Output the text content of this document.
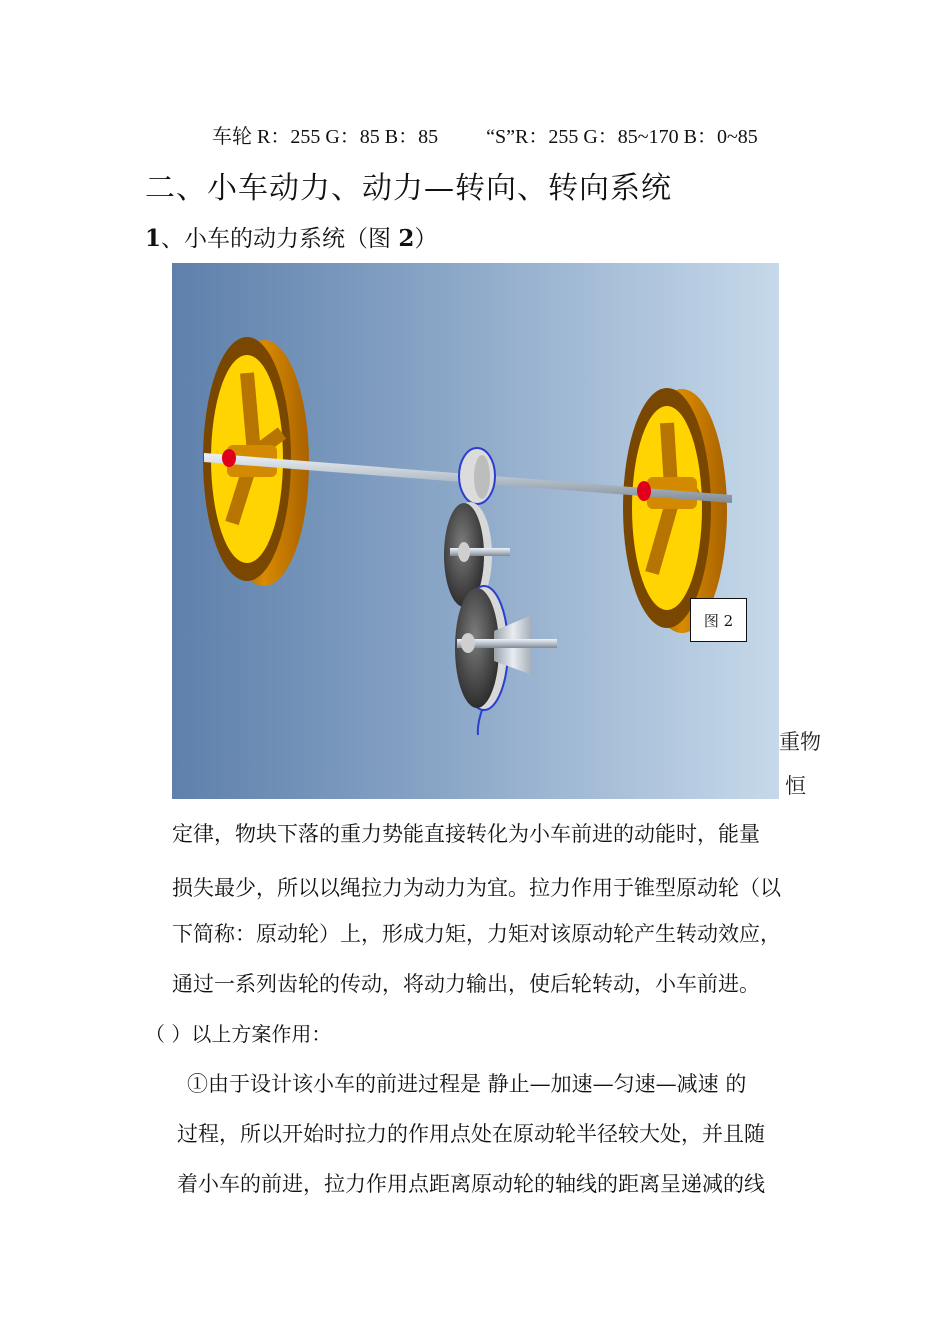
车轮 R：255 G：85 B：85 “S”R：255 G：85~170 B：0~85
二、小车动力、动力—转向、转向系统
1、小车的动力系统（图 2）
重物
恒
图 2
定律，物块下落的重力势能直接转化为小车前进的动能时，能量
损失最少，所以以绳拉力为动力为宜。拉力作用于锥型原动轮（以
下简称：原动轮）上，形成力矩，力矩对该原动轮产生转动效应，
通过一系列齿轮的传动，将动力输出，使后轮转动，小车前进。
（ ）以上方案作用：
①由于设计该小车的前进过程是 静止—加速—匀速—减速 的
过程，所以开始时拉力的作用点处在原动轮半径较大处，并且随
着小车的前进，拉力作用点距离原动轮的轴线的距离呈递减的线
